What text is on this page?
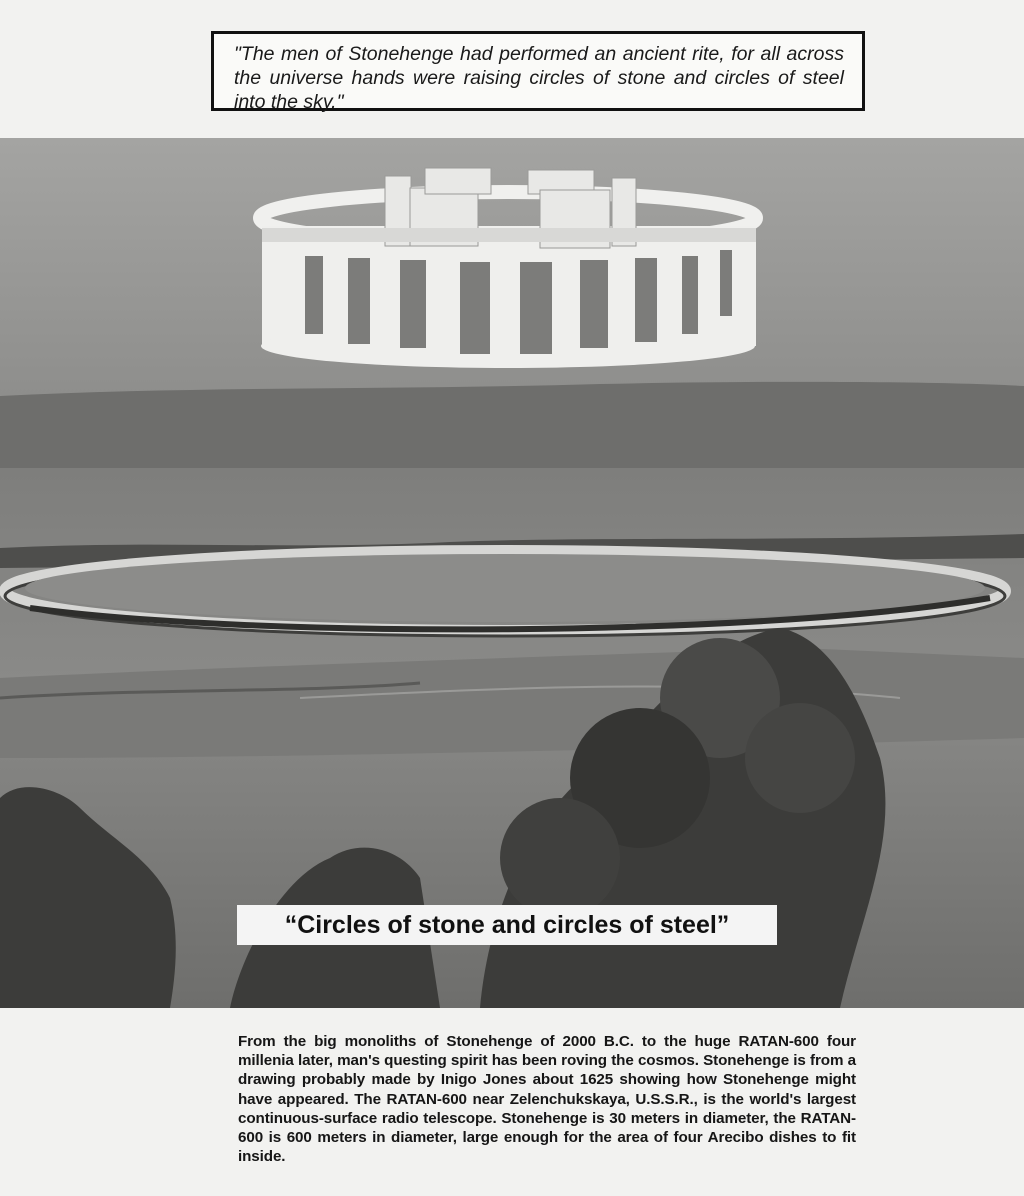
"The men of Stonehenge had performed an ancient rite, for all across the universe hands were raising circles of stone and circles of steel into the sky."
“Circles of stone and circles of steel”
From the big monoliths of Stonehenge of 2000 B.C. to the huge RATAN-600 four millenia later, man's questing spirit has been roving the cosmos. Stonehenge is from a drawing probably made by Inigo Jones about 1625 showing how Stonehenge might have appeared. The RATAN-600 near Zelenchukskaya, U.S.S.R., is the world's largest continuous-surface radio telescope. Stonehenge is 30 meters in diameter, the RATAN-600 is 600 meters in diameter, large enough for the area of four Arecibo dishes to fit inside.
